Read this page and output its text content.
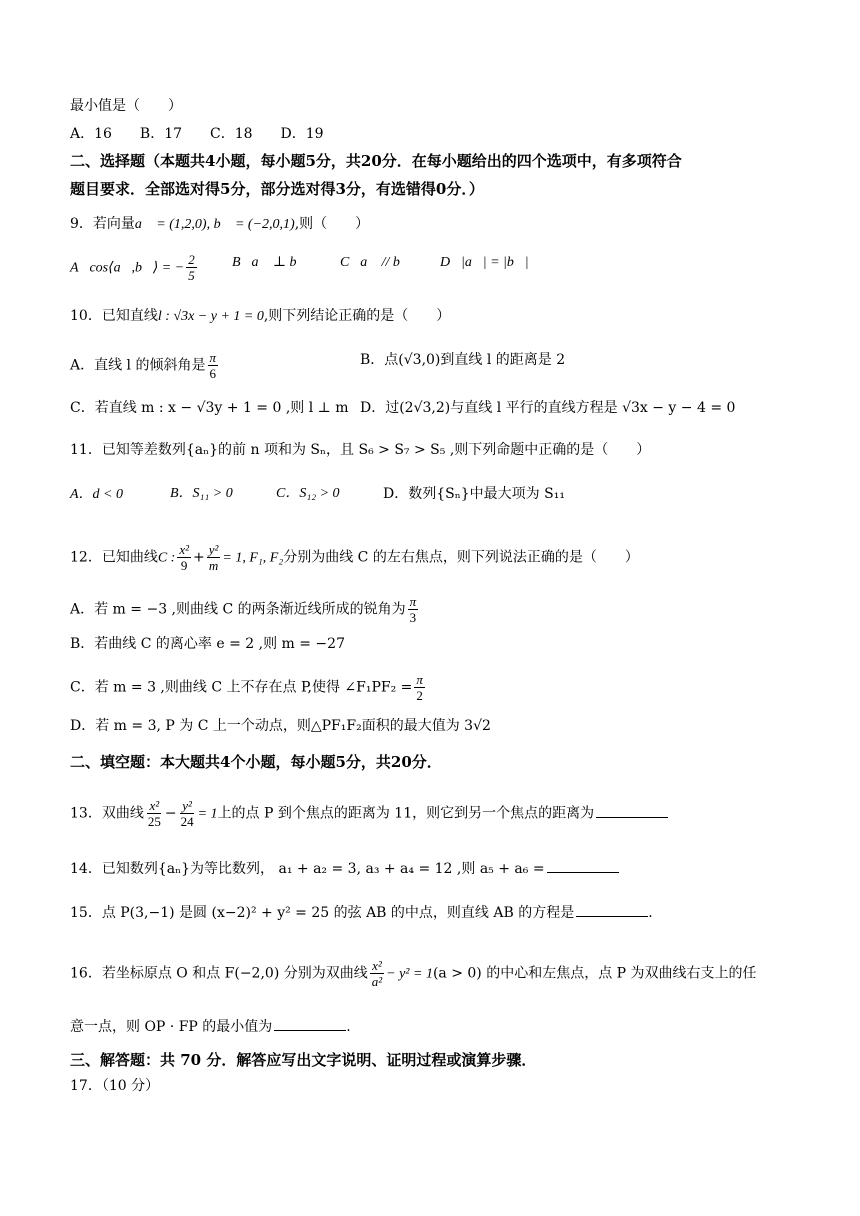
最小值是（　　）
A．16　　B．17　　C．18　　D．19
二、选择题（本题共4小题，每小题5分，共20分．在每小题给出的四个选项中，有多项符合
题目要求．全部选对得5分，部分选对得3分，有选错得0分．）
9．若向量a⃗ = (1,2,0), b⃗ = (−2,0,1),则（　　）
A．cos⟨a⃗,b⃗⟩ = − $\frac{2}{5}$	B．a⃗ ⊥ b⃗ C．a⃗ // b⃗ D．|a⃗| = |b⃗|
10．已知直线l : √3x − y + 1 = 0,则下列结论正确的是（　　）
A．直线 l 的倾斜角是 $\frac{\pi}{6}$	B．点(√3,0)到直线 l 的距离是 2
C．若直线 m : x − √3y + 1 = 0 ,则 l ⊥ m D．过(2√3,2)与直线 l 平行的直线方程是 √3x − y − 4 = 0
11．已知等差数列{aₙ}的前 n 项和为 Sₙ，且 S₆ > S₇ > S₅ ,则下列命题中正确的是（　　）
A．d < 0	B．S₁₁ > 0	C．S₁₂ > 0	D．数列{Sₙ}中最大项为 S₁₁
12．已知曲线C : $\frac{\text{x²}}{9} + \frac{\text{y²}}{m} = 1$, F₁, F₂分别为曲线 C 的左右焦点，则下列说法正确的是（　　）
A．若 m = −3 ,则曲线 C 的两条渐近线所成的锐角为 $\frac{\pi}{3}$
B．若曲线 C 的离心率 e = 2 ,则 m = −27
C．若 m = 3 ,则曲线 C 上不存在点 P,使得 ∠F₁PF₂ = $\frac{\pi}{2}$
D．若 m = 3, P 为 C 上一个动点，则△PF₁F₂面积的最大值为 3√2
二、填空题：本大题共4个小题，每小题5分，共20分．
13．双曲线 $\frac{\text{x²}}{25} - \frac{\text{y²}}{24} = 1$上的点 P 到个焦点的距离为 11，则它到另一个焦点的距离为
14．已知数列{aₙ}为等比数列， a₁ + a₂ = 3, a₃ + a₄ = 12 ,则 a₅ + a₆ =
15．点 P(3,−1) 是圆 (x−2)² + y² = 25 的弦 AB 的中点，则直线 AB 的方程是	.
16．若坐标原点 O 和点 F(−2,0) 分别为双曲线 $\frac{\text{x²}}{\text{a²}} - y^2 = 1(a > 0)$ 的中心和左焦点，点 P 为双曲线右支上的任
意一点，则 OP · FP 的最小值为	.
三、解答题：共 70 分．解答应写出文字说明、证明过程或演算步骤．
17．（10 分）
